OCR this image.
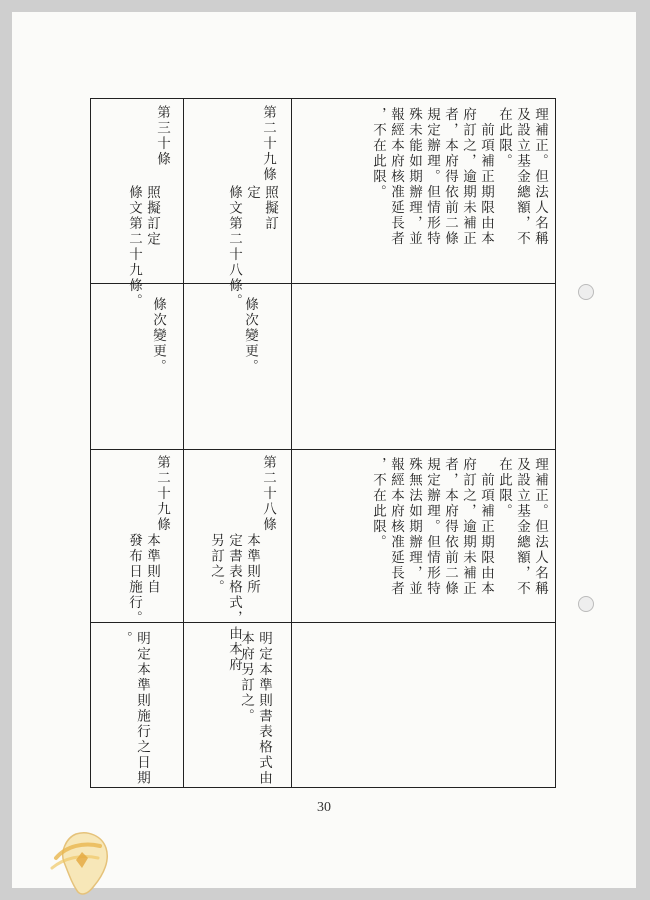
理補正。但法人名稱
及設立基金總額，不
在此限。
　前項補正期限由本
府訂之，逾期未補正
者，本府得依前二條
規定辦理。但情形特
殊未能如期辦理，並
報經本府核准延長者
，不在此限。
第二十九條
照擬訂
定
條文第二十八條。
條次變更。
第三十條
照擬訂定
條文第二十九條。
條次變更。
理補正。但法人名稱
及設立基金總額，不
在此限。
　前項補正期限由本
府訂之，逾期未補正
者，本府得依前二條
規定辦理。但情形特
殊無法如期辦理，並
報經本府核准延長者
，不在此限。
第二十八條
本準則所
定書表格式，由本府
另訂之。
明定本準則書表格式由
本府另訂之。
第二十九條
本準則自
發布日施行。
明定本準則施行之日期
。
30
